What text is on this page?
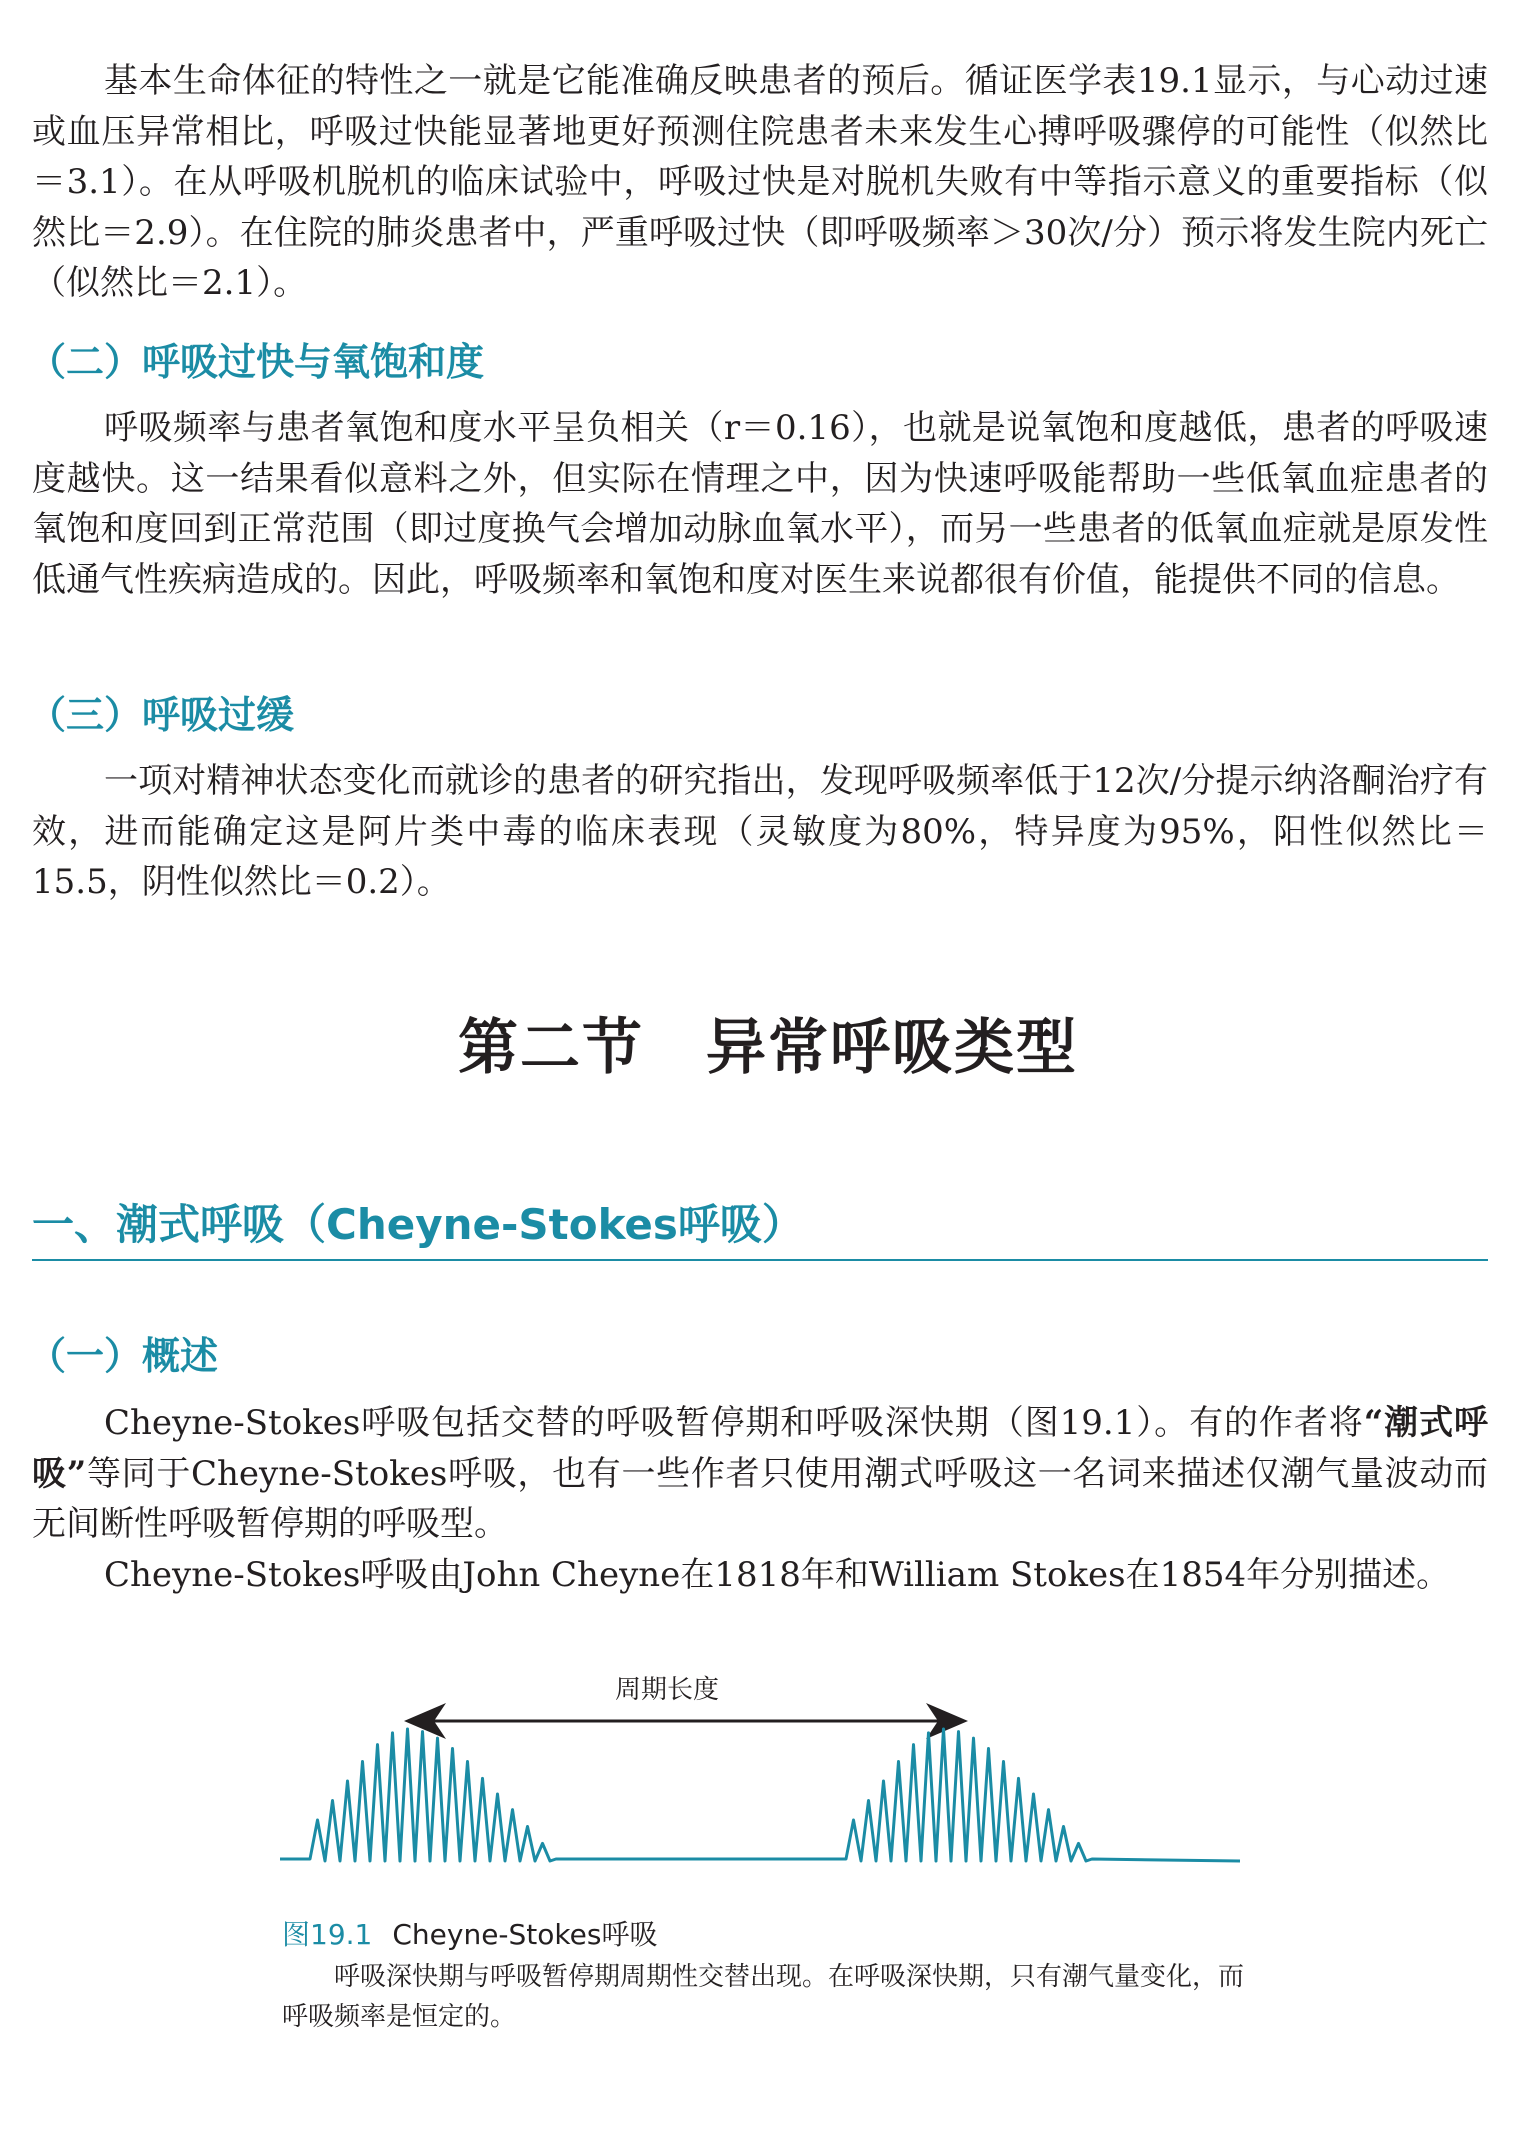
基本生命体征的特性之一就是它能准确反映患者的预后。循证医学表19.1显示，与心动过速或血压异常相比，呼吸过快能显著地更好预测住院患者未来发生心搏呼吸骤停的可能性（似然比＝3.1）。在从呼吸机脱机的临床试验中，呼吸过快是对脱机失败有中等指示意义的重要指标（似然比＝2.9）。在住院的肺炎患者中，严重呼吸过快（即呼吸频率＞30次/分）预示将发生院内死亡（似然比＝2.1）。

（二）呼吸过快与氧饱和度

呼吸频率与患者氧饱和度水平呈负相关（r＝0.16），也就是说氧饱和度越低，患者的呼吸速度越快。这一结果看似意料之外，但实际在情理之中，因为快速呼吸能帮助一些低氧血症患者的氧饱和度回到正常范围（即过度换气会增加动脉血氧水平），而另一些患者的低氧血症就是原发性低通气性疾病造成的。因此，呼吸频率和氧饱和度对医生来说都很有价值，能提供不同的信息。

（三）呼吸过缓

一项对精神状态变化而就诊的患者的研究指出，发现呼吸频率低于12次/分提示纳洛酮治疗有效，进而能确定这是阿片类中毒的临床表现（灵敏度为80%，特异度为95%，阳性似然比＝15.5，阴性似然比＝0.2）。

第二节　异常呼吸类型
一、潮式呼吸（Cheyne-Stokes呼吸）

（一）概述

Cheyne-Stokes呼吸包括交替的呼吸暂停期和呼吸深快期（图19.1）。有的作者将“潮式呼吸”等同于Cheyne-Stokes呼吸，也有一些作者只使用潮式呼吸这一名词来描述仅潮气量波动而无间断性呼吸暂停期的呼吸型。

Cheyne-Stokes呼吸由John Cheyne在1818年和William Stokes在1854年分别描述。

周期长度

图19.1 Cheyne-Stokes呼吸

呼吸深快期与呼吸暂停期周期性交替出现。在呼吸深快期，只有潮气量变化，而呼吸频率是恒定的。
